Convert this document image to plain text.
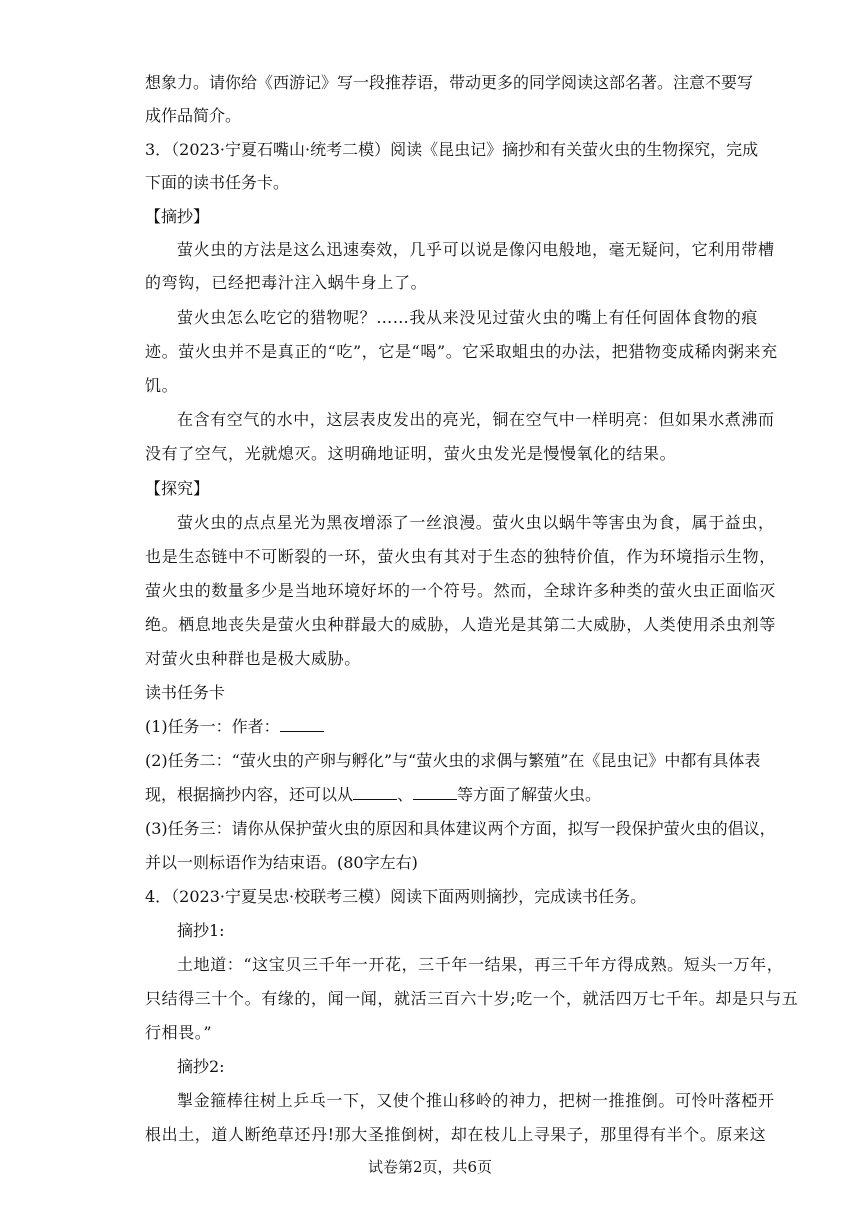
想象力。请你给《西游记》写一段推荐语，带动更多的同学阅读这部名著。注意不要写
成作品简介。
3．（2023·宁夏石嘴山·统考二模）阅读《昆虫记》摘抄和有关萤火虫的生物探究，完成
下面的读书任务卡。
【摘抄】
萤火虫的方法是这么迅速奏效，几乎可以说是像闪电般地，毫无疑问，它利用带槽
的弯钩，已经把毒汁注入蜗牛身上了。
萤火虫怎么吃它的猎物呢？……我从来没见过萤火虫的嘴上有任何固体食物的痕
迹。萤火虫并不是真正的“吃”，它是“喝”。它采取蛆虫的办法，把猎物变成稀肉粥来充
饥。
在含有空气的水中，这层表皮发出的亮光，铜在空气中一样明亮：但如果水煮沸而
没有了空气，光就熄灭。这明确地证明，萤火虫发光是慢慢氧化的结果。
【探究】
萤火虫的点点星光为黑夜增添了一丝浪漫。萤火虫以蜗牛等害虫为食，属于益虫，
也是生态链中不可断裂的一环，萤火虫有其对于生态的独特价值，作为环境指示生物，
萤火虫的数量多少是当地环境好坏的一个符号。然而，全球许多种类的萤火虫正面临灭
绝。栖息地丧失是萤火虫种群最大的威胁，人造光是其第二大威胁，人类使用杀虫剂等
对萤火虫种群也是极大威胁。
读书任务卡
(1)任务一：作者：
(2)任务二：“萤火虫的产卵与孵化”与“萤火虫的求偶与繁殖”在《昆虫记》中都有具体表
现，根据摘抄内容，还可以从	、	等方面了解萤火虫。
(3)任务三：请你从保护萤火虫的原因和具体建议两个方面，拟写一段保护萤火虫的倡议，
并以一则标语作为结束语。(80字左右)
4．（2023·宁夏吴忠·校联考三模）阅读下面两则摘抄，完成读书任务。
摘抄1:
土地道：“这宝贝三千年一开花，三千年一结果，再三千年方得成熟。短头一万年，
只结得三十个。有缘的，闻一闻，就活三百六十岁;吃一个，就活四万七千年。却是只与五
行相畏。”
摘抄2:
掣金箍棒往树上乒乓一下，又使个推山移岭的神力，把树一推推倒。可怜叶落椏开
根出土，道人断绝草还丹!那大圣推倒树，却在枝儿上寻果子，那里得有半个。原来这
试卷第2页，共6页
